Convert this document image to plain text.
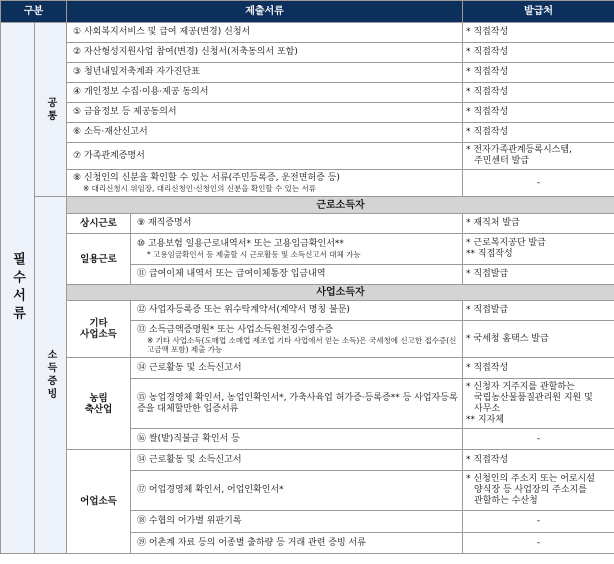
구분		제출서류		발급처

필수서류	공통	① 사회복지서비스 및 급여 제공(변경) 신청서		* 직접작성
		② 자산형성지원사업 참여(변경) 신청서(저축동의서 포함)		* 직접작성
		③ 청년내일저축계좌 자가진단표		* 직접작성
		④ 개인정보 수집·이용·제공 동의서		* 직접작성
		⑤ 금융정보 등 제공동의서		* 직접작성
		⑥ 소득·재산신고서		* 직접작성
		⑦ 가족관계증명서		* 전자가족관계등록시스템,
주민센터 발급

		⑧ 신청인의 신분을 확인할 수 있는 서류(주민등록증, 운전면허증 등)
※ 대리신청시 위임장, 대리신청인·신청인의 신분을 확인할 수 있는 서류		-

	소득증빙	근로소득자		
		상시근로	⑨ 재직증명서	* 재직처 발급
		일용근로	⑩ 고용보험 일용근로내역서* 또는 고용임금확인서**
* 고용임금확인서 등 제출할 시 근로활동 및 소득신고서 대체 가능	* 근로복지공단 발급
** 직접작성

			⑪ 급여이체 내역서 또는 급여이체통장 입금내역	* 직접발급
		사업소득자		

		기타
사업소득	⑫ 사업자등록증 또는 위수탁계약서(계약서 명칭 불문)	* 직접발급

			⑬ 소득금액증명원* 또는 사업소득원천징수영수증
※ 기타 사업소득(도매업 소매업 제조업 기타 사업에서 얻는 소득)은 국세청에 신고한 접수증(신고금액 포함) 제출 가능	* 국세청 홈택스 발급

		농림
축산업	⑭ 근로활동 및 소득신고서	* 직접작성
			⑮ 농업경영체 확인서, 농업인확인서*, 가축사육업 허가증·등록증** 등 사업자등록증을 대체할만한 입증서류	* 신청자 거주지를 관할하는
국립농산물품질관리원 지원 및
사무소
** 지자체

			⑯ 쌀(밭)직불금 확인서 등	-
		어업소득	⑭ 근로활동 및 소득신고서	* 직접작성
			⑰ 어업경영체 확인서, 어업인확인서*	* 신청인의 주소지 또는 어로시설
양식장 등 사업장의 주소지를
관할하는 수산청

			⑱ 수협의 어가별 위판기록	-
			⑲ 어촌계 자료 등의 어종별 출하량 등 거래 관련 증빙 서류	-
